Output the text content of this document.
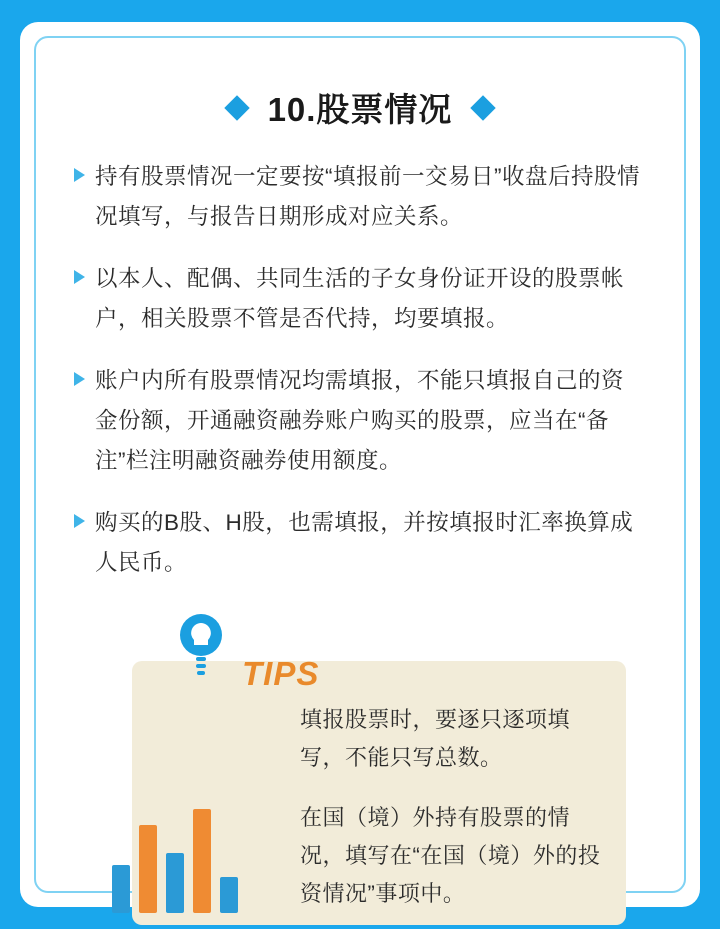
10.股票情况
持有股票情况一定要按“填报前一交易日”收盘后持股情况填写，与报告日期形成对应关系。
以本人、配偶、共同生活的子女身份证开设的股票帐户，相关股票不管是否代持，均要填报。
账户内所有股票情况均需填报，不能只填报自己的资金份额，开通融资融券账户购买的股票，应当在“备注”栏注明融资融券使用额度。
购买的B股、H股，也需填报，并按填报时汇率换算成人民币。
TIPS

填报股票时，要逐只逐项填写，不能只写总数。

在国（境）外持有股票的情况，填写在“在国（境）外的投资情况”事项中。
